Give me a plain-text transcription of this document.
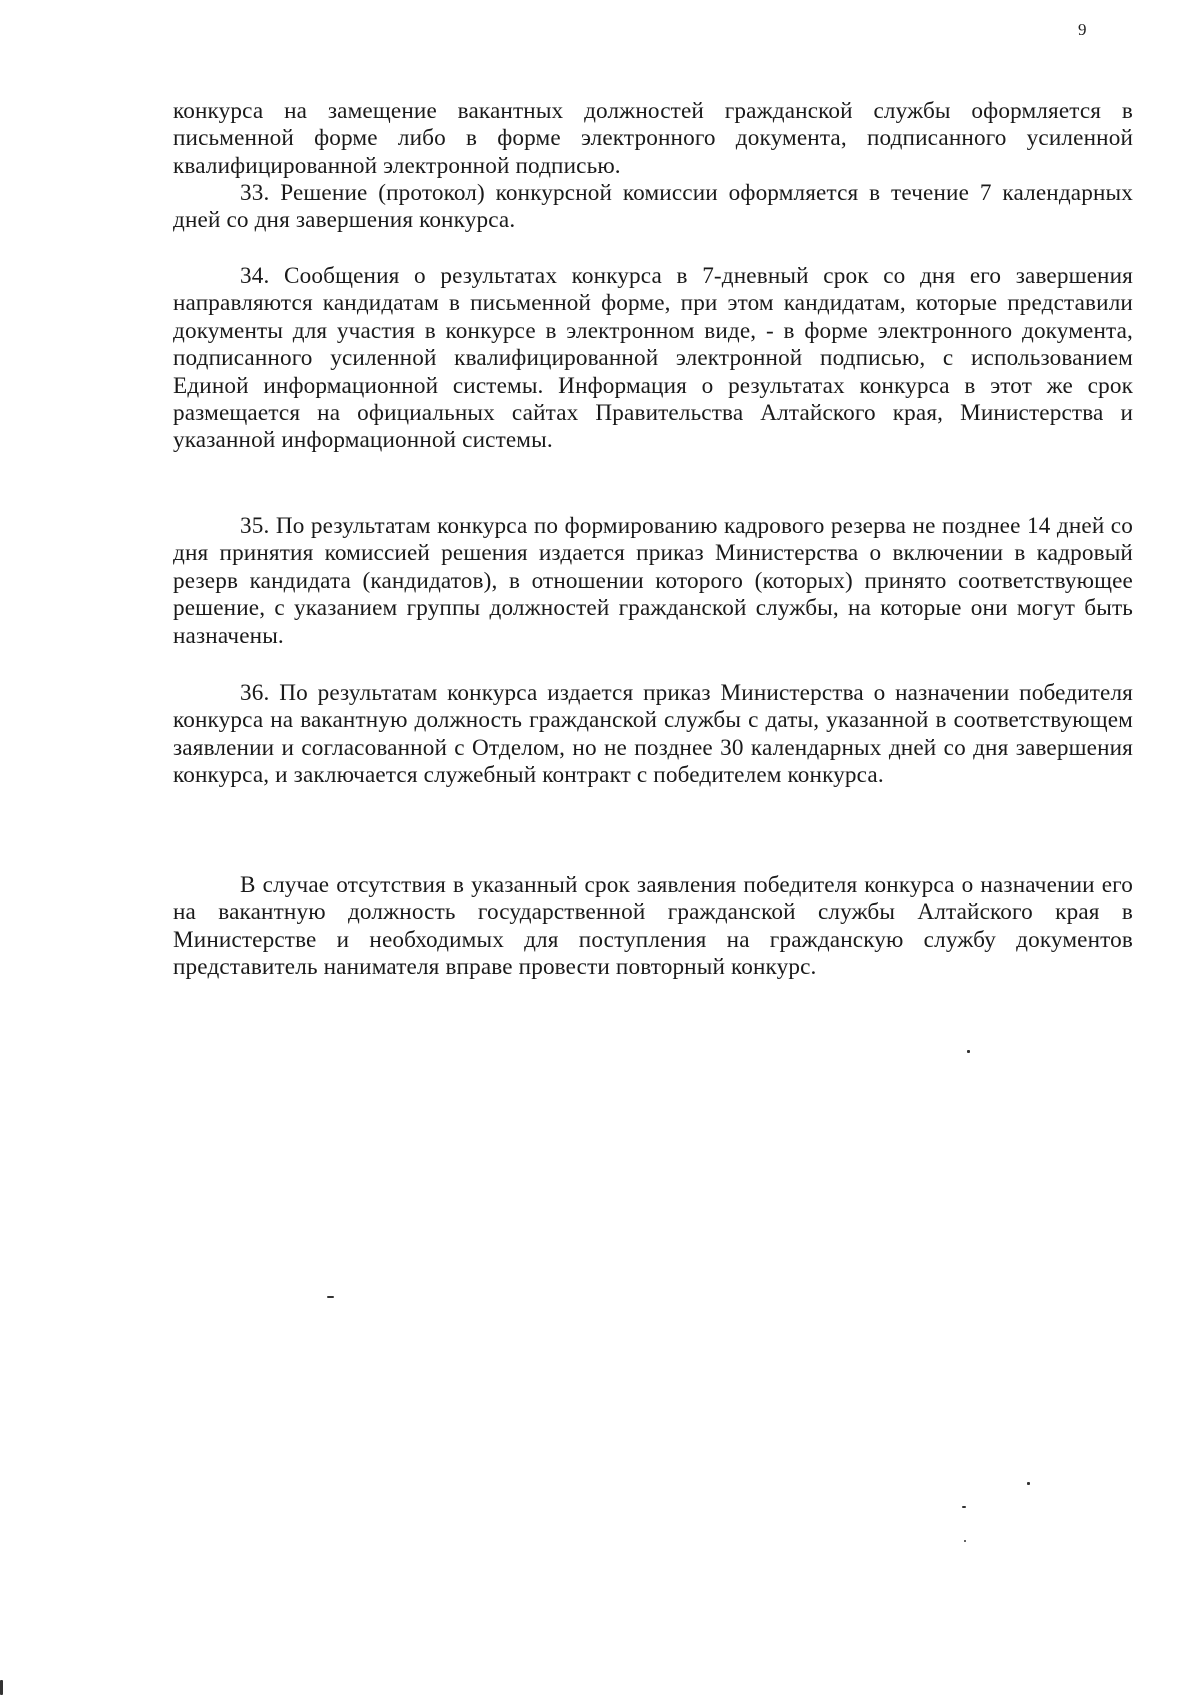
9

конкурса на замещение вакантных должностей гражданской службы оформляется в письменной форме либо в форме электронного документа, подписанного усиленной квалифицированной электронной подписью.

33. Решение (протокол) конкурсной комиссии оформляется в течение 7 календарных дней со дня завершения конкурса.

34. Сообщения о результатах конкурса в 7-дневный срок со дня его завершения направляются кандидатам в письменной форме, при этом кандидатам, которые представили документы для участия в конкурсе в электронном виде, - в форме электронного документа, подписанного усиленной квалифицированной электронной подписью, с использованием Единой информационной системы. Информация о результатах конкурса в этот же срок размещается на официальных сайтах Правительства Алтайского края, Министерства и указанной информационной системы.

35. По результатам конкурса по формированию кадрового резерва не позднее 14 дней со дня принятия комиссией решения издается приказ Министерства о включении в кадровый резерв кандидата (кандидатов), в отношении которого (которых) принято соответствующее решение, с указанием группы должностей гражданской службы, на которые они могут быть назначены.

36. По результатам конкурса издается приказ Министерства о назначении победителя конкурса на вакантную должность гражданской службы с даты, указанной в соответствующем заявлении и согласованной с Отделом, но не позднее 30 календарных дней со дня завершения конкурса, и заключается служебный контракт с победителем конкурса.

В случае отсутствия в указанный срок заявления победителя конкурса о назначении его на вакантную должность государственной гражданской службы Алтайского края в Министерстве и необходимых для поступления на гражданскую службу документов представитель нанимателя вправе провести повторный конкурс.
